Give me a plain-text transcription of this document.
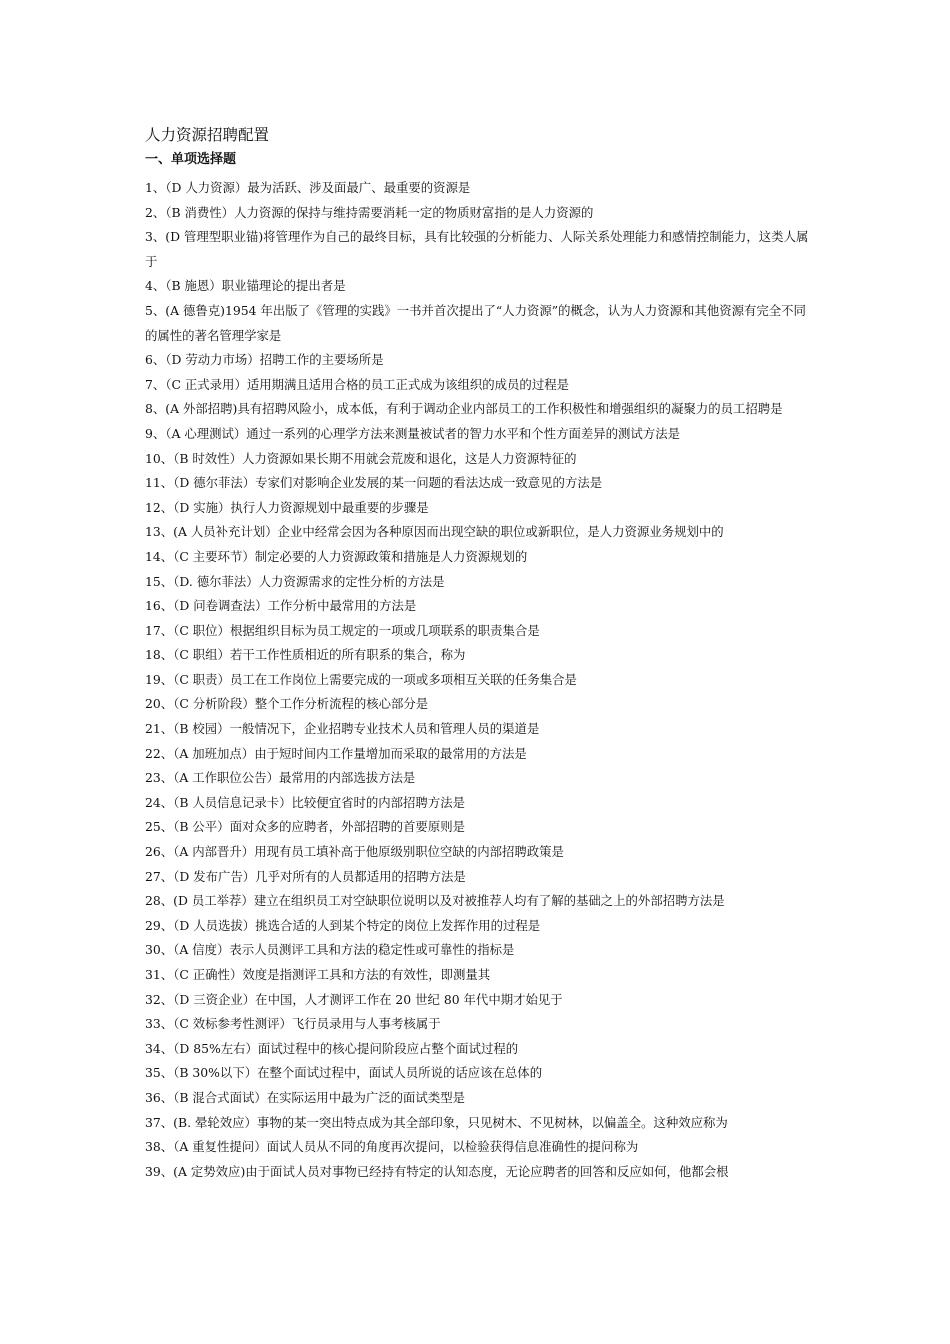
人力资源招聘配置
一、单项选择题
1、（D 人力资源）最为活跃、涉及面最广、最重要的资源是
2、（B 消费性）人力资源的保持与维持需要消耗一定的物质财富指的是人力资源的
3、(D 管理型职业锚)将管理作为自己的最终目标，具有比较强的分析能力、人际关系处理能力和感情控制能力，这类人属于
4、（B 施恩）职业锚理论的提出者是
5、(A 德鲁克)1954 年出版了《管理的实践》一书并首次提出了“人力资源”的概念，认为人力资源和其他资源有完全不同的属性的著名管理学家是
6、（D 劳动力市场）招聘工作的主要场所是
7、（C 正式录用）适用期满且适用合格的员工正式成为该组织的成员的过程是
8、(A 外部招聘)具有招聘风险小，成本低，有利于调动企业内部员工的工作积极性和增强组织的凝聚力的员工招聘是
9、（A 心理测试）通过一系列的心理学方法来测量被试者的智力水平和个性方面差异的测试方法是
10、（B 时效性）人力资源如果长期不用就会荒废和退化，这是人力资源特征的
11、（D 德尔菲法）专家们对影响企业发展的某一问题的看法达成一致意见的方法是
12、（D 实施）执行人力资源规划中最重要的步骤是
13、(A 人员补充计划）企业中经常会因为各种原因而出现空缺的职位或新职位，是人力资源业务规划中的
14、（C 主要环节）制定必要的人力资源政策和措施是人力资源规划的
15、（D. 德尔菲法）人力资源需求的定性分析的方法是
16、（D 问卷调查法）工作分析中最常用的方法是
17、（C 职位）根据组织目标为员工规定的一项或几项联系的职责集合是
18、（C 职组）若干工作性质相近的所有职系的集合，称为
19、（C 职责）员工在工作岗位上需要完成的一项或多项相互关联的任务集合是
20、（C 分析阶段）整个工作分析流程的核心部分是
21、（B 校园）一般情况下，企业招聘专业技术人员和管理人员的渠道是
22、（A 加班加点）由于短时间内工作量增加而采取的最常用的方法是
23、（A 工作职位公告）最常用的内部选拔方法是
24、（B 人员信息记录卡）比较便宜省时的内部招聘方法是
25、（B 公平）面对众多的应聘者，外部招聘的首要原则是
26、（A 内部晋升）用现有员工填补高于他原级别职位空缺的内部招聘政策是
27、（D 发布广告）几乎对所有的人员都适用的招聘方法是
28、(D 员工举荐）建立在组织员工对空缺职位说明以及对被推荐人均有了解的基础之上的外部招聘方法是
29、（D 人员选拔）挑选合适的人到某个特定的岗位上发挥作用的过程是
30、（A 信度）表示人员测评工具和方法的稳定性或可靠性的指标是
31、（C 正确性）效度是指测评工具和方法的有效性，即测量其
32、（D 三资企业）在中国，人才测评工作在 20 世纪 80 年代中期才始见于
33、（C 效标参考性测评）飞行员录用与人事考核属于
34、（D 85%左右）面试过程中的核心提问阶段应占整个面试过程的
35、（B 30%以下）在整个面试过程中，面试人员所说的话应该在总体的
36、（B 混合式面试）在实际运用中最为广泛的面试类型是
37、(B. 晕轮效应）事物的某一突出特点成为其全部印象，只见树木、不见树林，以偏盖全。这种效应称为
38、（A 重复性提问）面试人员从不同的角度再次提问，以检验获得信息准确性的提问称为
39、(A 定势效应)由于面试人员对事物已经持有特定的认知态度，无论应聘者的回答和反应如何，他都会根
